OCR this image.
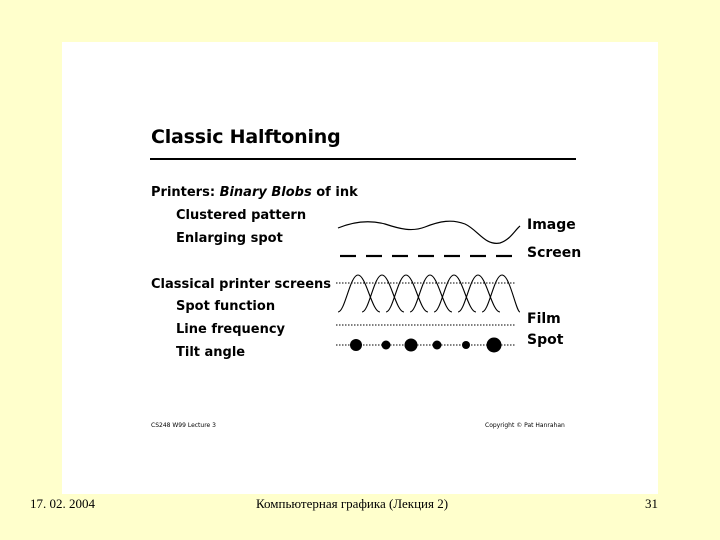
Classic Halftoning
Printers: Binary Blobs of ink
Clustered pattern
Enlarging spot
Classical printer screens
Spot function
Line frequency
Tilt angle
Image
Screen
Film
Spot
CS248 W99 Lecture 3	Copyright © Pat Hanrahan
17. 02. 2004	Компьютерная графика (Лекция 2)	31
